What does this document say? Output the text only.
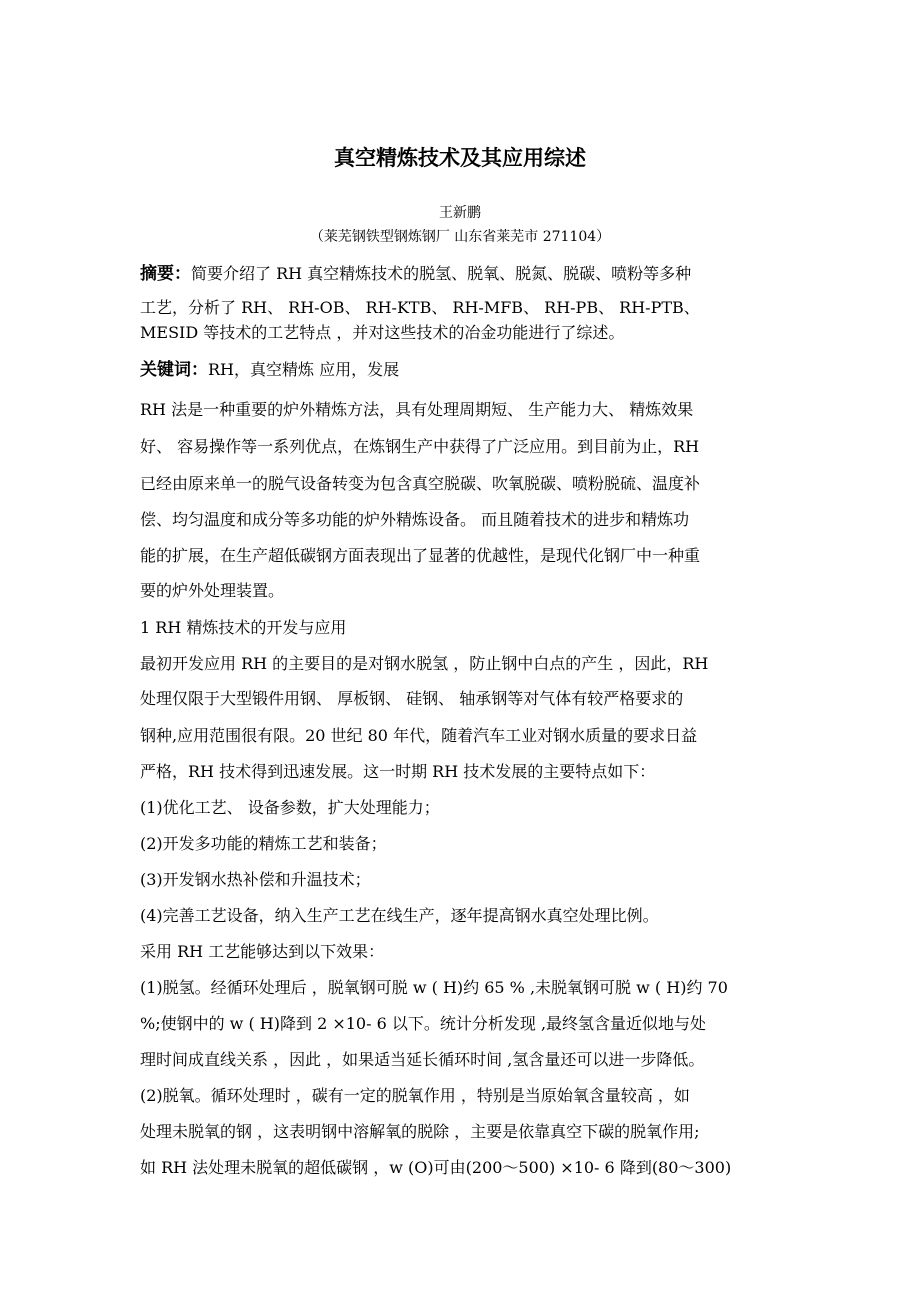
真空精炼技术及其应用综述
王新鹏
（莱芜钢铁型钢炼钢厂 山东省莱芜市 271104）
摘要：简要介绍了 RH 真空精炼技术的脱氢、脱氧、脱氮、脱碳、喷粉等多种
工艺，分析了 RH、 RH-OB、 RH-KTB、 RH-MFB、 RH-PB、 RH-PTB、
MESID 等技术的工艺特点 ，并对这些技术的冶金功能进行了综述。
关键词：RH，真空精炼 应用，发展
RH 法是一种重要的炉外精炼方法，具有处理周期短、 生产能力大、 精炼效果
好、 容易操作等一系列优点，在炼钢生产中获得了广泛应用。到目前为止，RH
已经由原来单一的脱气设备转变为包含真空脱碳、吹氧脱碳、喷粉脱硫、温度补
偿、均匀温度和成分等多功能的炉外精炼设备。 而且随着技术的进步和精炼功
能的扩展，在生产超低碳钢方面表现出了显著的优越性，是现代化钢厂中一种重
要的炉外处理装置。
1 RH 精炼技术的开发与应用
最初开发应用 RH 的主要目的是对钢水脱氢 ，防止钢中白点的产生 ，因此，RH
处理仅限于大型锻件用钢、 厚板钢、 硅钢、 轴承钢等对气体有较严格要求的
钢种,应用范围很有限。20 世纪 80 年代，随着汽车工业对钢水质量的要求日益
严格，RH 技术得到迅速发展。这一时期 RH 技术发展的主要特点如下：
(1)优化工艺、 设备参数，扩大处理能力；
(2)开发多功能的精炼工艺和装备；
(3)开发钢水热补偿和升温技术；
(4)完善工艺设备，纳入生产工艺在线生产，逐年提高钢水真空处理比例。
采用 RH 工艺能够达到以下效果：
(1)脱氢。经循环处理后 ，脱氧钢可脱 w ( H)约 65 % ,未脱氧钢可脱 w ( H)约 70
%;使钢中的 w ( H)降到 2 ×10- 6 以下。统计分析发现 ,最终氢含量近似地与处
理时间成直线关系 ，因此 ，如果适当延长循环时间 ,氢含量还可以进一步降低。
(2)脱氧。循环处理时 ，碳有一定的脱氧作用 ，特别是当原始氧含量较高 ，如
处理未脱氧的钢 ，这表明钢中溶解氧的脱除 ，主要是依靠真空下碳的脱氧作用;
如 RH 法处理未脱氧的超低碳钢 ，w (O)可由(200～500) ×10- 6 降到(80～300)
